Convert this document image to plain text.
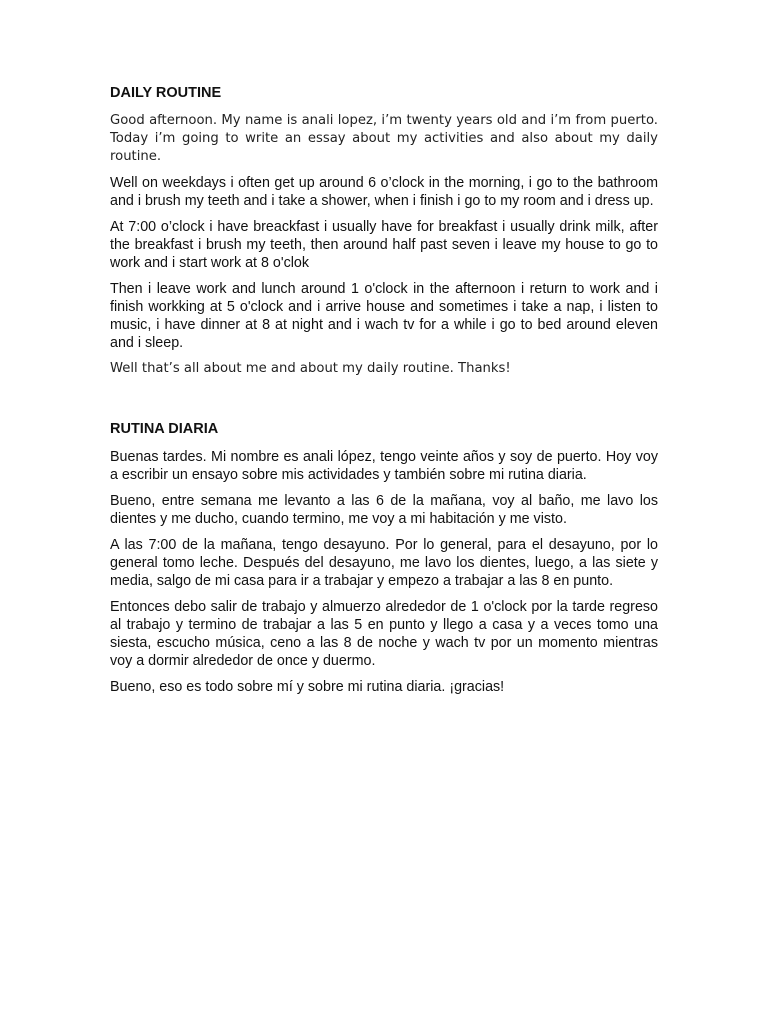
DAILY ROUTINE

Good afternoon. My name is anali lopez, i’m twenty years old and i’m from puerto. Today i’m going to write an essay about my activities and also about my daily routine.

Well on weekdays i often get up around 6 o’clock in the morning, i go to the bathroom and i brush my teeth and i take a shower, when i finish i go to my room and i dress up.

At 7:00 o’clock i have breackfast i usually have for breakfast i usually drink milk, after the breakfast i brush my teeth, then around half past seven i leave my house to go to work and i start work at 8 o'clok

Then i leave work and lunch around 1 o'clock in the afternoon i return to work and i finish workking at 5 o'clock and i arrive house and sometimes i take a nap, i listen to music, i have dinner at 8 at night and i wach tv for a while i go to bed around eleven and i sleep.

Well that’s all about me and about my daily routine. Thanks!

RUTINA DIARIA

Buenas tardes. Mi nombre es anali lópez, tengo veinte años y soy de puerto. Hoy voy a escribir un ensayo sobre mis actividades y también sobre mi rutina diaria.

Bueno, entre semana me levanto a las 6 de la mañana, voy al baño, me lavo los dientes y me ducho, cuando termino, me voy a mi habitación y me visto.

A las 7:00 de la mañana, tengo desayuno. Por lo general, para el desayuno, por lo general tomo leche. Después del desayuno, me lavo los dientes, luego, a las siete y media, salgo de mi casa para ir a trabajar y empezo a trabajar a las 8 en punto.

Entonces debo salir de trabajo y almuerzo alrededor de 1 o'clock por la tarde regreso al trabajo y termino de trabajar a las 5 en punto y llego a casa y a veces tomo una siesta, escucho música, ceno a las 8 de noche y wach tv por un momento mientras voy a dormir alrededor de once y duermo.

Bueno, eso es todo sobre mí y sobre mi rutina diaria. ¡gracias!
